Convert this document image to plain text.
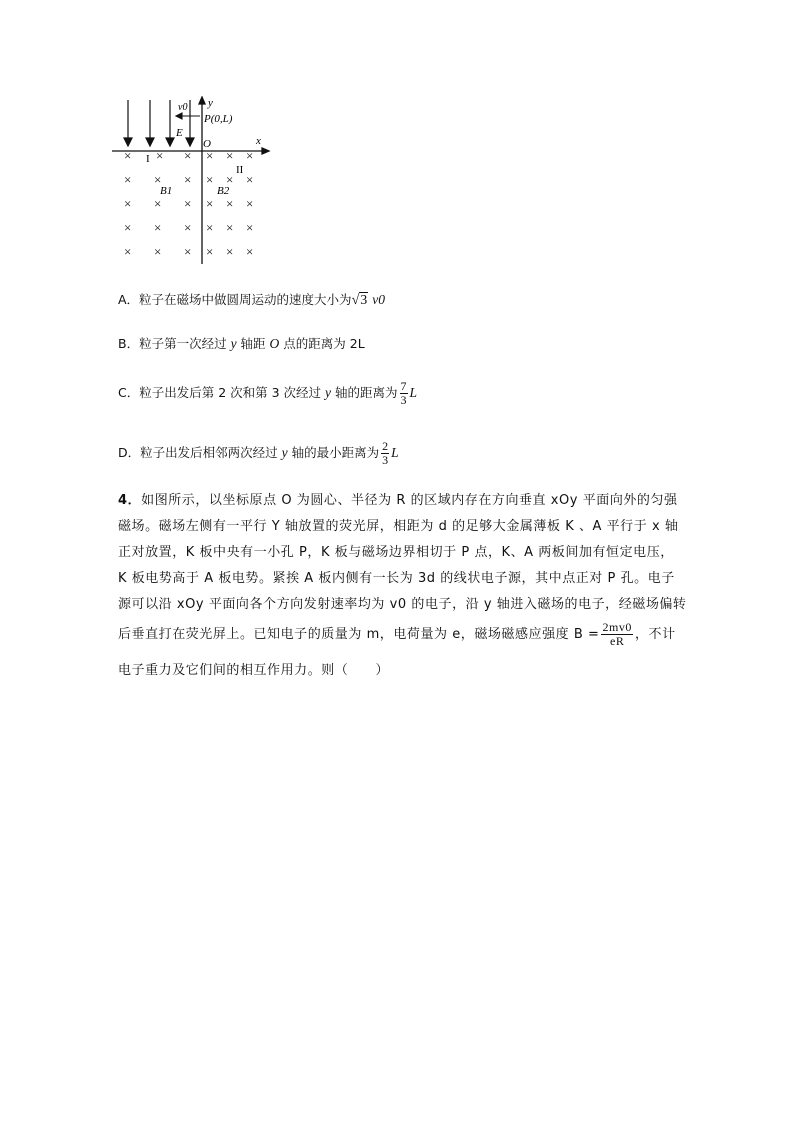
y
x
v0
P(0,L)
E
O
I
II
B1	B2
× × × × × ×
× × × × × ×
× × × × × ×
× × × × × ×
× × × × × ×
A．粒子在磁场中做圆周运动的速度大小为√3 v0
B．粒子第一次经过 y 轴距 O 点的距离为 2L
C．粒子出发后第 2 次和第 3 次经过 y 轴的距离为 $\frac{7}{3}$ L
D．粒子出发后相邻两次经过 y 轴的最小距离为 $\frac{2}{3}$ L

4．如图所示，以坐标原点 O 为圆心、半径为 R 的区域内存在方向垂直 xOy 平面向外的匀强

磁场。磁场左侧有一平行 Y 轴放置的荧光屏，相距为 d 的足够大金属薄板 K 、A 平行于 x 轴

正对放置，K 板中央有一小孔 P，K 板与磁场边界相切于 P 点，K、A 两板间加有恒定电压，

K 板电势高于 A 板电势。紧挨 A 板内侧有一长为 3d 的线状电子源，其中点正对 P 孔。电子

源可以沿 xOy 平面向各个方向发射速率均为 v0 的电子，沿 y 轴进入磁场的电子，经磁场偏转

后垂直打在荧光屏上。已知电子的质量为 m，电荷量为 e，磁场磁感应强度 $B = \frac{2mv0}{eR}$ ，不计

电子重力及它们间的相互作用力。则（　　）
